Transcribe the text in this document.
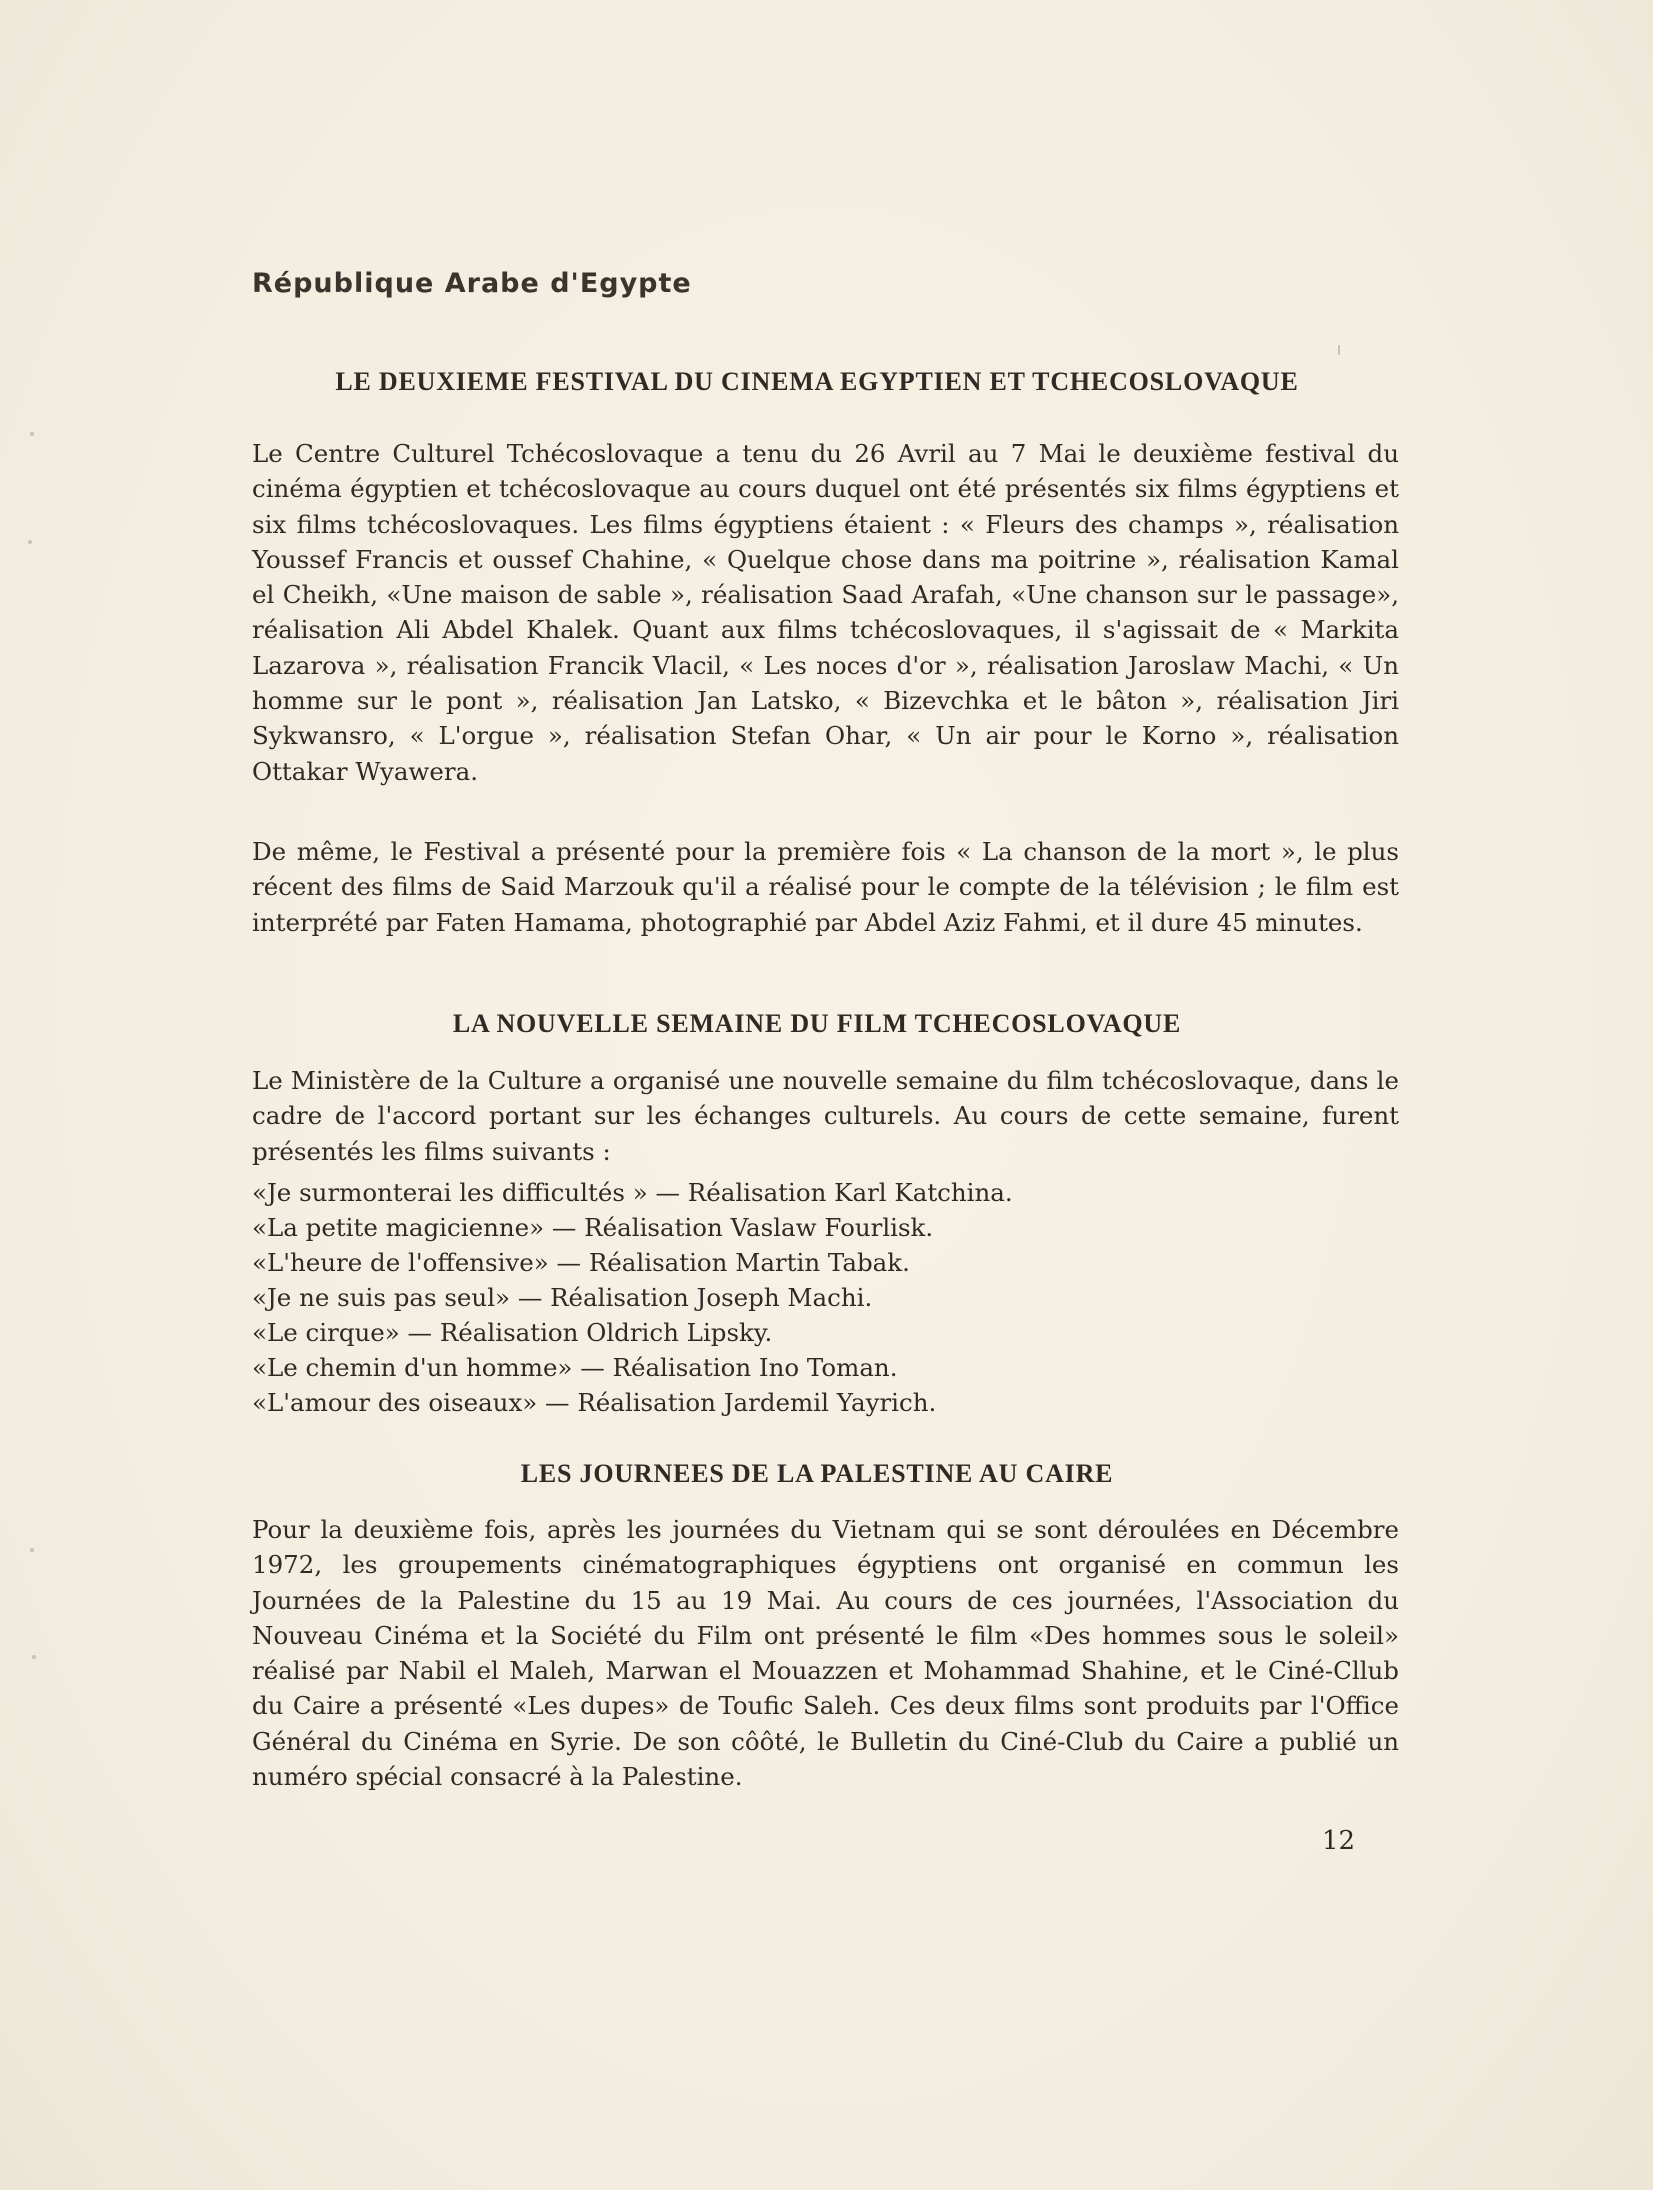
République Arabe d'Egypte
LE DEUXIEME FESTIVAL DU CINEMA EGYPTIEN ET TCHECOSLOVAQUE

Le Centre Culturel Tchécoslovaque a tenu du 26 Avril au 7 Mai le deuxième festival du cinéma égyptien et tchécoslovaque au cours duquel ont été présentés six films égyptiens et six films tchécoslovaques. Les films égyptiens étaient : « Fleurs des champs », réalisation Youssef Francis et oussef Chahine, « Quelque chose dans ma poitrine », réalisation Kamal el Cheikh, «Une maison de sable », réalisation Saad Arafah, «Une chanson sur le passage», réalisation Ali Abdel Khalek. Quant aux films tchécoslovaques, il s'agissait de « Markita Lazarova », réalisation Francik Vlacil, « Les noces d'or », réalisation Jaroslaw Machi, « Un homme sur le pont », réalisation Jan Latsko, « Bizevchka et le bâton », réalisation Jiri Sykwansro, « L'orgue », réalisation Stefan Ohar, « Un air pour le Korno », réalisation Ottakar Wyawera.

De même, le Festival a présenté pour la première fois « La chanson de la mort », le plus récent des films de Said Marzouk qu'il a réalisé pour le compte de la télévision ; le film est interprété par Faten Hamama, photographié par Abdel Aziz Fahmi, et il dure 45 minutes.

LA NOUVELLE SEMAINE DU FILM TCHECOSLOVAQUE

Le Ministère de la Culture a organisé une nouvelle semaine du film tchécoslovaque, dans le cadre de l'accord portant sur les échanges culturels. Au cours de cette semaine, furent présentés les films suivants :

«Je surmonterai les difficultés » — Réalisation Karl Katchina.
«La petite magicienne» — Réalisation Vaslaw Fourlisk.
«L'heure de l'offensive» — Réalisation Martin Tabak.
«Je ne suis pas seul» — Réalisation Joseph Machi.
«Le cirque» — Réalisation Oldrich Lipsky.
«Le chemin d'un homme» — Réalisation Ino Toman.
«L'amour des oiseaux» — Réalisation Jardemil Yayrich.
LES JOURNEES DE LA PALESTINE AU CAIRE

Pour la deuxième fois, après les journées du Vietnam qui se sont déroulées en Décembre 1972, les groupements cinématographiques égyptiens ont organisé en commun les Journées de la Palestine du 15 au 19 Mai. Au cours de ces journées, l'Association du Nouveau Cinéma et la Société du Film ont présenté le film «Des hommes sous le soleil» réalisé par Nabil el Maleh, Marwan el Mouazzen et Mohammad Shahine, et le Ciné-Cllub du Caire a présenté «Les dupes» de Toufic Saleh. Ces deux films sont produits par l'Office Général du Cinéma en Syrie. De son côôté, le Bulletin du Ciné-Club du Caire a publié un numéro spécial consacré à la Palestine.

12
